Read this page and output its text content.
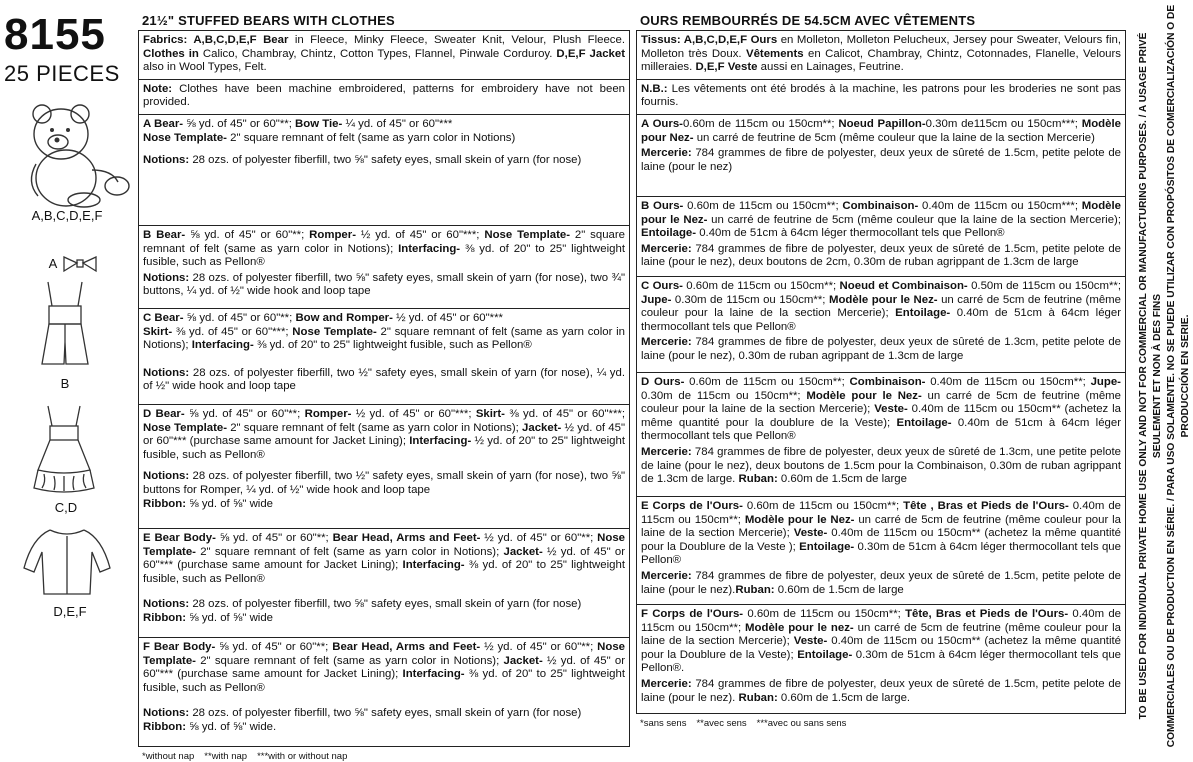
8155
25 PIECES
A,B,C,D,E,F
A
B
C,D
D,E,F
21½" STUFFED BEARS WITH CLOTHES

Fabrics: A,B,C,D,E,F Bear in Fleece, Minky Fleece, Sweater Knit, Velour, Plush Fleece. Clothes in Calico, Chambray, Chintz, Cotton Types, Flannel, Pinwale Corduroy. D,E,F Jacket also in Wool Types, Felt.

Note: Clothes have been machine embroidered, patterns for embroidery have not been provided.

A Bear- ⅝ yd. of 45" or 60"**; Bow Tie- ¼ yd. of 45" or 60"***
Nose Template- 2" square remnant of felt (same as yarn color in Notions)

Notions: 28 ozs. of polyester fiberfill, two ⅝" safety eyes, small skein of yarn (for nose)

B Bear- ⅝ yd. of 45" or 60"**; Romper- ½ yd. of 45" or 60"***; Nose Template- 2" square remnant of felt (same as yarn color in Notions); Interfacing- ⅜ yd. of 20" to 25" lightweight fusible, such as Pellon®

Notions: 28 ozs. of polyester fiberfill, two ⅝" safety eyes, small skein of yarn (for nose), two ¾" buttons, ¼ yd. of ½" wide hook and loop tape

C Bear- ⅝ yd. of 45" or 60"**; Bow and Romper- ½ yd. of 45" or 60"***
Skirt- ⅜ yd. of 45" or 60"***; Nose Template- 2" square remnant of felt (same as yarn color in Notions); Interfacing- ⅜ yd. of 20" to 25" lightweight fusible, such as Pellon®

Notions: 28 ozs. of polyester fiberfill, two ½" safety eyes, small skein of yarn (for nose), ¼ yd. of ½" wide hook and loop tape

D Bear- ⅝ yd. of 45" or 60"**; Romper- ½ yd. of 45" or 60"***; Skirt- ⅜ yd. of 45" or 60"***; Nose Template- 2" square remnant of felt (same as yarn color in Notions); Jacket- ½ yd. of 45" or 60"*** (purchase same amount for Jacket Lining); Interfacing- ½ yd. of 20" to 25" lightweight fusible, such as Pellon®

Notions: 28 ozs. of polyester fiberfill, two ½" safety eyes, small skein of yarn (for nose), two ⅝" buttons for Romper, ¼ yd. of ½" wide hook and loop tape
Ribbon: ⅝ yd. of ⅝" wide

E Bear Body- ⅝ yd. of 45" or 60"**; Bear Head, Arms and Feet- ½ yd. of 45" or 60"**; Nose Template- 2" square remnant of felt (same as yarn color in Notions); Jacket- ½ yd. of 45" or 60"*** (purchase same amount for Jacket Lining); Interfacing- ⅜ yd. of 20" to 25" lightweight fusible, such as Pellon®

Notions: 28 ozs. of polyester fiberfill, two ⅝" safety eyes, small skein of yarn (for nose)
Ribbon: ⅝ yd. of ⅝" wide

F Bear Body- ⅝ yd. of 45" or 60"**; Bear Head, Arms and Feet- ½ yd. of 45" or 60"**; Nose Template- 2" square remnant of felt (same as yarn color in Notions); Jacket- ½ yd. of 45" or 60"*** (purchase same amount for Jacket Lining); Interfacing- ⅜ yd. of 20" to 25" lightweight fusible, such as Pellon®

Notions: 28 ozs. of polyester fiberfill, two ⅝" safety eyes, small skein of yarn (for nose)
Ribbon: ⅝ yd. of ⅝" wide.

*without nap **with nap ***with or without nap
OURS REMBOURRÉS DE 54.5CM AVEC VÊTEMENTS

Tissus: A,B,C,D,E,F Ours en Molleton, Molleton Pelucheux, Jersey pour Sweater, Velours fin, Molleton très Doux. Vêtements en Calicot, Chambray, Chintz, Cotonnades, Flanelle, Velours milleraies. D,E,F Veste aussi en Lainages, Feutrine.

N.B.: Les vêtements ont été brodés à la machine, les patrons pour les broderies ne sont pas fournis.

A Ours-0.60m de 115cm ou 150cm**; Noeud Papillon-0.30m de115cm ou 150cm***; Modèle pour Nez- un carré de feutrine de 5cm (même couleur que la laine de la section Mercerie)

Mercerie: 784 grammes de fibre de polyester, deux yeux de sûreté de 1.5cm, petite pelote de laine (pour le nez)

B Ours- 0.60m de 115cm ou 150cm**; Combinaison- 0.40m de 115cm ou 150cm***; Modèle pour le Nez- un carré de feutrine de 5cm (même couleur que la laine de la section Mercerie); Entoilage- 0.40m de 51cm à 64cm léger thermocollant tels que Pellon®

Mercerie: 784 grammes de fibre de polyester, deux yeux de sûreté de 1.5cm, petite pelote de laine (pour le nez), deux boutons de 2cm, 0.30m de ruban agrippant de 1.3cm de large

C Ours- 0.60m de 115cm ou 150cm**; Noeud et Combinaison- 0.50m de 115cm ou 150cm**; Jupe- 0.30m de 115cm ou 150cm**; Modèle pour le Nez- un carré de 5cm de feutrine (même couleur pour la laine de la section Mercerie); Entoilage- 0.40m de 51cm à 64cm léger thermocollant tels que Pellon®

Mercerie: 784 grammes de fibre de polyester, deux yeux de sûreté de 1.3cm, petite pelote de laine (pour le nez), 0.30m de ruban agrippant de 1.3cm de large

D Ours- 0.60m de 115cm ou 150cm**; Combinaison- 0.40m de 115cm ou 150cm**; Jupe- 0.30m de 115cm ou 150cm**; Modèle pour le Nez- un carré de 5cm de feutrine (même couleur pour la laine de la section Mercerie); Veste- 0.40m de 115cm ou 150cm** (achetez la même quantité pour la doublure de la Veste); Entoilage- 0.40m de 51cm à 64cm léger thermocollant tels que Pellon®

Mercerie: 784 grammes de fibre de polyester, deux yeux de sûreté de 1.3cm, une petite pelote de laine (pour le nez), deux boutons de 1.5cm pour la Combinaison, 0.30m de ruban agrippant de 1.3cm de large. Ruban: 0.60m de 1.5cm de large

E Corps de l'Ours- 0.60m de 115cm ou 150cm**; Tête , Bras et Pieds de l'Ours- 0.40m de 115cm ou 150cm**; Modèle pour le Nez- un carré de 5cm de feutrine (même couleur pour la laine de la section Mercerie); Veste- 0.40m de 115cm ou 150cm** (achetez la même quantité pour la Doublure de la Veste ); Entoilage- 0.30m de 51cm à 64cm léger thermocollant tels que Pellon®

Mercerie: 784 grammes de fibre de polyester, deux yeux de sûreté de 1.5cm, petite pelote de laine (pour le nez).Ruban: 0.60m de 1.5cm de large

F Corps de l'Ours- 0.60m de 115cm ou 150cm**; Tête, Bras et Pieds de l'Ours- 0.40m de 115cm ou 150cm**; Modèle pour le nez- un carré de 5cm de feutrine (même couleur pour la laine de la section Mercerie); Veste- 0.40m de 115cm ou 150cm** (achetez la même quantité pour la Doublure de la Veste); Entoilage- 0.30m de 51cm à 64cm léger thermocollant tels que Pellon®.

Mercerie: 784 grammes de fibre de polyester, deux yeux de sûreté de 1.5cm, petite pelote de laine (pour le nez). Ruban: 0.60m de 1.5cm de large.

*sans sens **avec sens ***avec ou sans sens
TO BE USED FOR INDIVIDUAL PRIVATE HOME USE ONLY AND NOT FOR COMMERCIAL OR MANUFACTURING PURPOSES. / A USAGE PRIVÉ SEULEMENT ET NON À DES FINS COMMERCIALES OU DE PRODUCTION EN SÉRIE. / PARA USO SOLAMENTE. NO SE PUEDE UTILIZAR CON PROPÓSITOS DE COMERCIALIZACIÓN O DE PRODUCCIÓN EN SERIE.
